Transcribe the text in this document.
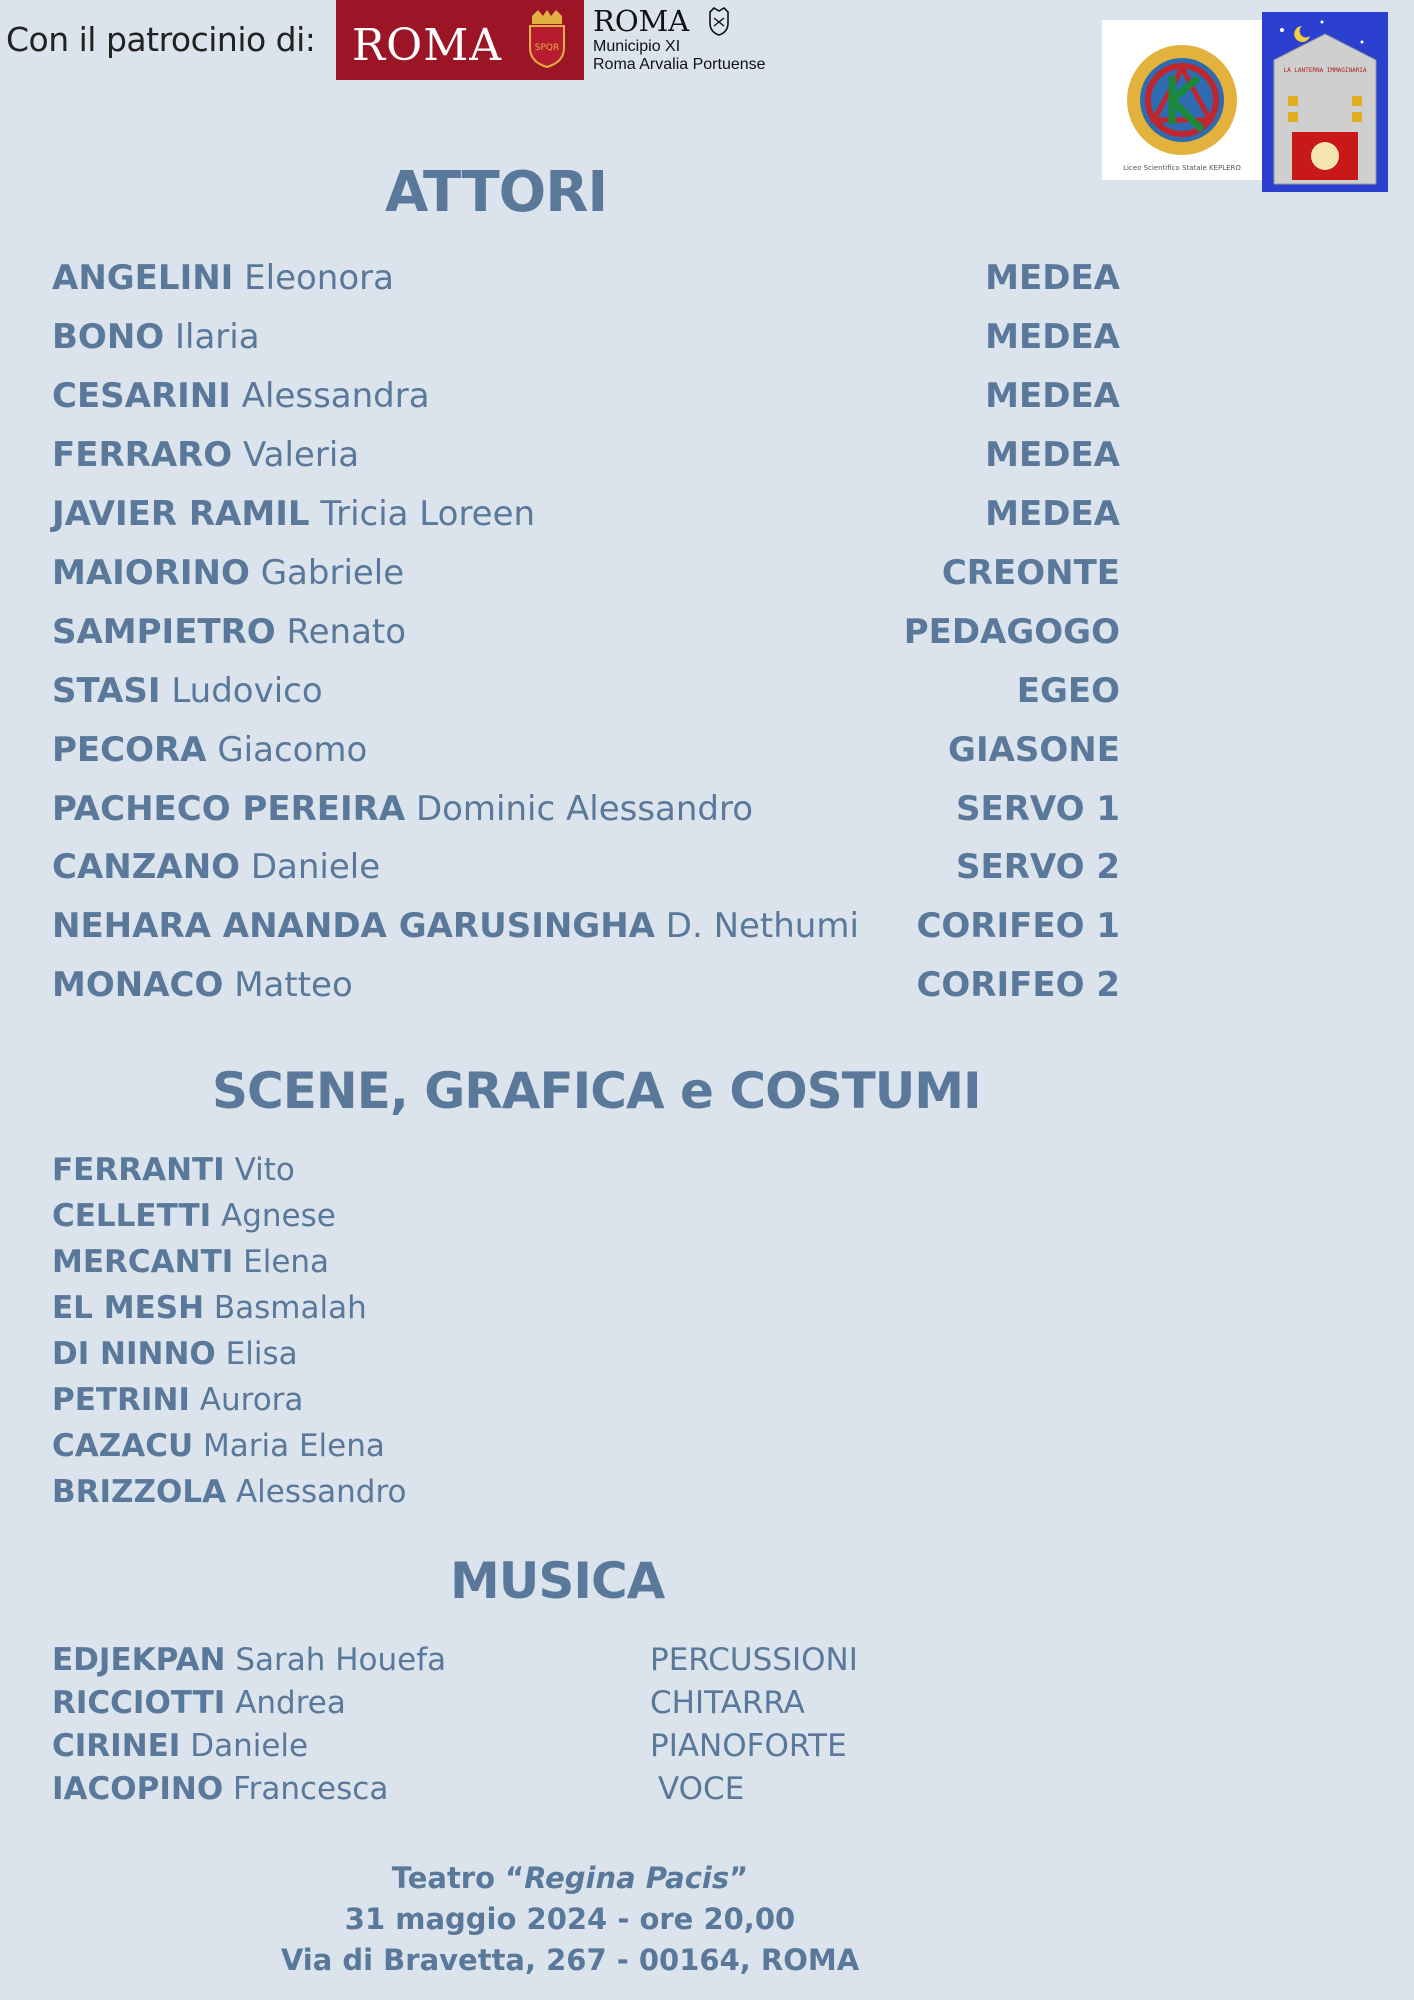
Con il patrocinio di: ROMA	SPQR
ROMA
Municipio XI
Roma Arvalia Portuense
Liceo Scientifico Statale KEPLERO
LA LANTERNA IMMAGINARIA
ATTORI
ANGELINI Eleonora	MEDEA
BONO Ilaria	MEDEA
CESARINI Alessandra	MEDEA
FERRARO Valeria	MEDEA
JAVIER RAMIL Tricia Loreen	MEDEA
MAIORINO Gabriele	CREONTE
SAMPIETRO Renato	PEDAGOGO
STASI Ludovico	EGEO
PECORA Giacomo	GIASONE
PACHECO PEREIRA Dominic Alessandro	SERVO 1
CANZANO Daniele	SERVO 2
NEHARA ANANDA GARUSINGHA D. Nethumi CORIFEO 1
MONACO Matteo	CORIFEO 2
SCENE, GRAFICA e COSTUMI
FERRANTI Vito
CELLETTI Agnese
MERCANTI Elena
EL MESH Basmalah
DI NINNO Elisa
PETRINI Aurora
CAZACU Maria Elena
BRIZZOLA Alessandro
MUSICA
EDJEKPAN Sarah Houefa	PERCUSSIONI
RICCIOTTI Andrea	CHITARRA
CIRINEI Daniele	PIANOFORTE
IACOPINO Francesca	VOCE
Teatro “Regina Pacis”
31 maggio 2024 - ore 20,00
Via di Bravetta, 267 - 00164, ROMA
